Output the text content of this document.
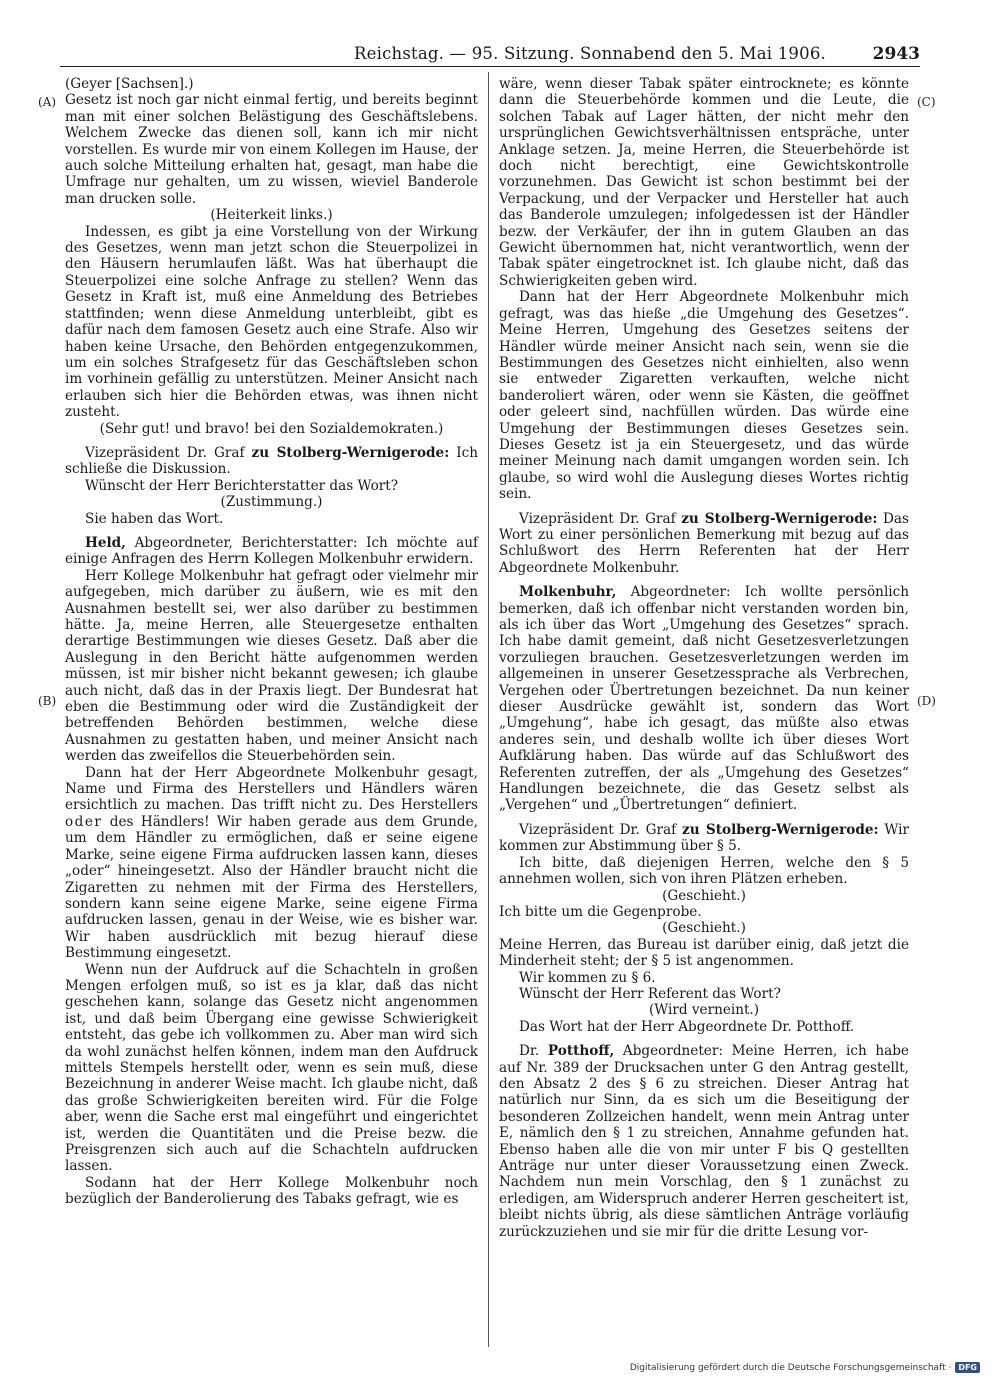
Reichstag. — 95. Sitzung. Sonnabend den 5. Mai 1906.	2943
(A)
(B)
(C)
(D)

(Geyer [Sachsen].)

Gesetz ist noch gar nicht einmal fertig, und bereits beginnt man mit einer solchen Belästigung des Geschäftslebens. Welchem Zwecke das dienen soll, kann ich mir nicht vorstellen. Es wurde mir von einem Kollegen im Hause, der auch solche Mitteilung erhalten hat, gesagt, man habe die Umfrage nur gehalten, um zu wissen, wieviel Banderole man drucken solle.

(Heiterkeit links.)

Indessen, es gibt ja eine Vorstellung von der Wirkung des Gesetzes, wenn man jetzt schon die Steuerpolizei in den Häusern herumlaufen läßt. Was hat überhaupt die Steuerpolizei eine solche Anfrage zu stellen? Wenn das Gesetz in Kraft ist, muß eine Anmeldung des Betriebes stattfinden; wenn diese Anmeldung unterbleibt, gibt es dafür nach dem famosen Gesetz auch eine Strafe. Also wir haben keine Ursache, den Behörden entgegenzukommen, um ein solches Strafgesetz für das Geschäftsleben schon im vorhinein gefällig zu unterstützen. Meiner Ansicht nach erlauben sich hier die Behörden etwas, was ihnen nicht zusteht.

(Sehr gut! und bravo! bei den Sozialdemokraten.)

Vizepräsident Dr. Graf zu Stolberg-Wernigerode: Ich schließe die Diskussion.

Wünscht der Herr Berichterstatter das Wort?

(Zustimmung.)

Sie haben das Wort.

Held, Abgeordneter, Berichterstatter: Ich möchte auf einige Anfragen des Herrn Kollegen Molkenbuhr erwidern.

Herr Kollege Molkenbuhr hat gefragt oder vielmehr mir aufgegeben, mich darüber zu äußern, wie es mit den Ausnahmen bestellt sei, wer also darüber zu bestimmen hätte. Ja, meine Herren, alle Steuergesetze enthalten derartige Bestimmungen wie dieses Gesetz. Daß aber die Auslegung in den Bericht hätte aufgenommen werden müssen, ist mir bisher nicht bekannt gewesen; ich glaube auch nicht, daß das in der Praxis liegt. Der Bundesrat hat eben die Bestimmung oder wird die Zuständigkeit der betreffenden Behörden bestimmen, welche diese Ausnahmen zu gestatten haben, und meiner Ansicht nach werden das zweifellos die Steuerbehörden sein.

Dann hat der Herr Abgeordnete Molkenbuhr gesagt, Name und Firma des Herstellers und Händlers wären ersichtlich zu machen. Das trifft nicht zu. Des Herstellers oder des Händlers! Wir haben gerade aus dem Grunde, um dem Händler zu ermöglichen, daß er seine eigene Marke, seine eigene Firma aufdrucken lassen kann, dieses „oder“ hineingesetzt. Also der Händler braucht nicht die Zigaretten zu nehmen mit der Firma des Herstellers, sondern kann seine eigene Marke, seine eigene Firma aufdrucken lassen, genau in der Weise, wie es bisher war. Wir haben ausdrücklich mit bezug hierauf diese Bestimmung eingesetzt.

Wenn nun der Aufdruck auf die Schachteln in großen Mengen erfolgen muß, so ist es ja klar, daß das nicht geschehen kann, solange das Gesetz nicht angenommen ist, und daß beim Übergang eine gewisse Schwierigkeit entsteht, das gebe ich vollkommen zu. Aber man wird sich da wohl zunächst helfen können, indem man den Aufdruck mittels Stempels herstellt oder, wenn es sein muß, diese Bezeichnung in anderer Weise macht. Ich glaube nicht, daß das große Schwierigkeiten bereiten wird. Für die Folge aber, wenn die Sache erst mal eingeführt und eingerichtet ist, werden die Quantitäten und die Preise bezw. die Preisgrenzen sich auch auf die Schachteln aufdrucken lassen.

Sodann hat der Herr Kollege Molkenbuhr noch bezüglich der Banderolierung des Tabaks gefragt, wie es

wäre, wenn dieser Tabak später eintrocknete; es könnte dann die Steuerbehörde kommen und die Leute, die solchen Tabak auf Lager hätten, der nicht mehr den ursprünglichen Gewichtsverhältnissen entspräche, unter Anklage setzen. Ja, meine Herren, die Steuerbehörde ist doch nicht berechtigt, eine Gewichtskontrolle vorzunehmen. Das Gewicht ist schon bestimmt bei der Verpackung, und der Verpacker und Hersteller hat auch das Banderole umzulegen; infolgedessen ist der Händler bezw. der Verkäufer, der ihn in gutem Glauben an das Gewicht übernommen hat, nicht verantwortlich, wenn der Tabak später eingetrocknet ist. Ich glaube nicht, daß das Schwierigkeiten geben wird.

Dann hat der Herr Abgeordnete Molkenbuhr mich gefragt, was das hieße „die Umgehung des Gesetzes“. Meine Herren, Umgehung des Gesetzes seitens der Händler würde meiner Ansicht nach sein, wenn sie die Bestimmungen des Gesetzes nicht einhielten, also wenn sie entweder Zigaretten verkauften, welche nicht banderoliert wären, oder wenn sie Kästen, die geöffnet oder geleert sind, nachfüllen würden. Das würde eine Umgehung der Bestimmungen dieses Gesetzes sein. Dieses Gesetz ist ja ein Steuergesetz, und das würde meiner Meinung nach damit umgangen worden sein. Ich glaube, so wird wohl die Auslegung dieses Wortes richtig sein.

Vizepräsident Dr. Graf zu Stolberg-Wernigerode: Das Wort zu einer persönlichen Bemerkung mit bezug auf das Schlußwort des Herrn Referenten hat der Herr Abgeordnete Molkenbuhr.

Molkenbuhr, Abgeordneter: Ich wollte persönlich bemerken, daß ich offenbar nicht verstanden worden bin, als ich über das Wort „Umgehung des Gesetzes“ sprach. Ich habe damit gemeint, daß nicht Gesetzesverletzungen vorzuliegen brauchen. Gesetzesverletzungen werden im allgemeinen in unserer Gesetzessprache als Verbrechen, Vergehen oder Übertretungen bezeichnet. Da nun keiner dieser Ausdrücke gewählt ist, sondern das Wort „Umgehung“, habe ich gesagt, das müßte also etwas anderes sein, und deshalb wollte ich über dieses Wort Aufklärung haben. Das würde auf das Schlußwort des Referenten zutreffen, der als „Umgehung des Gesetzes“ Handlungen bezeichnete, die das Gesetz selbst als „Vergehen“ und „Übertretungen“ definiert.

Vizepräsident Dr. Graf zu Stolberg-Wernigerode: Wir kommen zur Abstimmung über § 5.

Ich bitte, daß diejenigen Herren, welche den § 5 annehmen wollen, sich von ihren Plätzen erheben.

(Geschieht.)

Ich bitte um die Gegenprobe.

(Geschieht.)

Meine Herren, das Bureau ist darüber einig, daß jetzt die Minderheit steht; der § 5 ist angenommen.

Wir kommen zu § 6.

Wünscht der Herr Referent das Wort?

(Wird verneint.)

Das Wort hat der Herr Abgeordnete Dr. Potthoff.

Dr. Potthoff, Abgeordneter: Meine Herren, ich habe auf Nr. 389 der Drucksachen unter G den Antrag gestellt, den Absatz 2 des § 6 zu streichen. Dieser Antrag hat natürlich nur Sinn, da es sich um die Beseitigung der besonderen Zollzeichen handelt, wenn mein Antrag unter E, nämlich den § 1 zu streichen, Annahme gefunden hat. Ebenso haben alle die von mir unter F bis Q gestellten Anträge nur unter dieser Voraussetzung einen Zweck. Nachdem nun mein Vorschlag, den § 1 zunächst zu erledigen, am Widerspruch anderer Herren gescheitert ist, bleibt nichts übrig, als diese sämtlichen Anträge vorläufig zurückzuziehen und sie mir für die dritte Lesung vor-

Digitalisierung gefördert durch die Deutsche Forschungsgemeinschaft · DFG
